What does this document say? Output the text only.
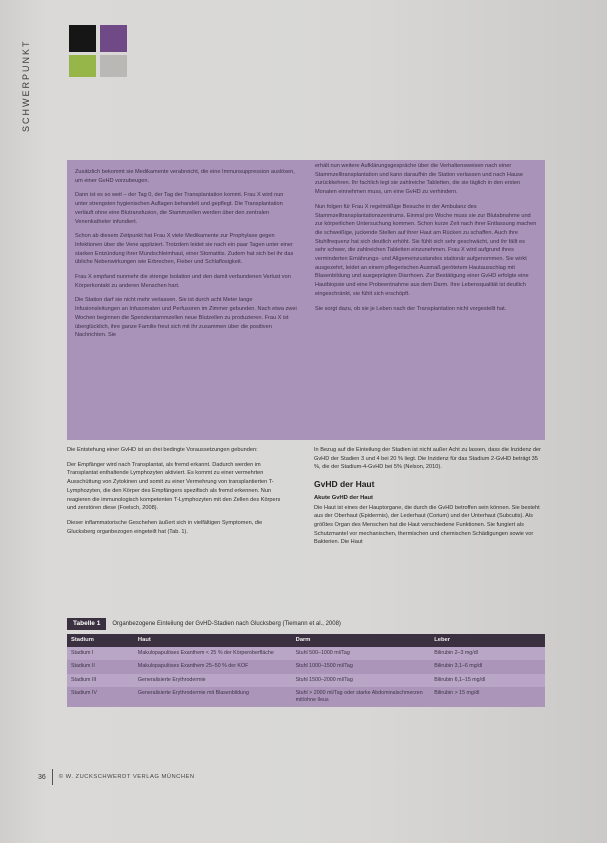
SCHWERPUNKT

Zusätzlich bekommt sie Medikamente verabreicht, die eine Immunsuppression auslösen, um einer GvHD vorzubeugen.

Dann ist es so weit – der Tag 0, der Tag der Transplantation kommt. Frau X wird nun unter strengsten hygienischen Auflagen behandelt und gepflegt. Die Transplantation verläuft ohne eine Blutransfusion, die Stammzellen werden über den zentralen Venenkatheter infundiert.

Schon ab diesem Zeitpunkt hat Frau X viele Medikamente zur Prophylaxe gegen Infektionen über die Vene appliziert. Trotzdem leidet sie nach ein paar Tagen unter einer starken Entzündung ihrer Mundschleimhaut, einer Stomatitis. Zudem hat sich bei ihr das übliche Nebenwirkungen wie Erbrechen, Fieber und Schlaflosigkeit.

Frau X empfand nunmehr die strenge Isolation und den damit verbundenen Verlust von Körperkontakt zu anderen Menschen hart.

Die Station darf sie nicht mehr verlassen. Sie ist durch acht Meter lange Infusionsleitungen an Infusomaten und Perfusoren im Zimmer gebunden. Nach etwa zwei Wochen beginnen die Spenderstammzellen neue Blutzellen zu produzieren. Frau X ist überglücklich, ihre ganze Familie freut sich mit ihr zusammen über die positiven Nachrichten. Sie

erhält nun weitere Aufklärungsgespräche über die Verhaltensweisen nach einer Stammzelltransplantation und kann daraufhin die Station verlassen und nach Hause zurückkehren. Ihr fachlich legt sie zahlreiche Tabletten, die sie täglich in den ersten Monaten einnehmen muss, um eine GvHD zu verhindern.

Nun folgen für Frau X regelmäßige Besuche in der Ambulanz des Stammzelltransplantationszentrums. Einmal pro Woche muss sie zur Blutabnahme und zur körperlichen Untersuchung kommen. Schon kurze Zeit nach ihrer Entlassung machen die schweißige, juckende Stellen auf ihrer Haut am Rücken zu schaffen. Auch ihre Stuhlfrequenz hat sich deutlich erhöht. Sie fühlt sich sehr geschwächt, und ihr fällt es sehr schwer, die zahlreichen Tabletten einzunehmen. Frau X wird aufgrund ihres verminderten Ernährungs- und Allgemeinzustandes stationär aufgenommen. Sie wirkt ausgezehrt, leidet an einem pflegerischen Ausmaß gerötetem Hautausschlag mit Blasenbildung und ausgeprägten Diarrhoen. Zur Bestätigung einer GvHD erfolgte eine Hautbiopsie und eine Probeentnahme aus dem Darm. Ihre Lebensqualität ist deutlich eingeschränkt, sie fühlt sich erschöpft.

Sie sorgt dazu, ob sie je Leben nach der Transplantation nicht vorgestellt hat.

Die Entstehung einer GvHD ist an drei bedingte Voraussetzungen gebunden:

Der Empfänger wird nach Transplantat, als fremd erkannt. Dadurch werden im Transplantat enthaltende Lymphozyten aktiviert. Es kommt zu einer vermehrten Ausschüttung von Zytokinen und somit zu einer Vermehrung von transplantierten T-Lymphozyten, die den Körper des Empfängers spezifisch als fremd erkennen. Nun reagieren die immunologisch kompetenten T-Lymphozyten mit den Zellen des Körpers und zerstören diese (Foelsch, 2008).

Dieser inflammatorische Geschehen äußert sich in vielfältigen Symptomen, die Glucksberg organbezogen eingeteilt hat (Tab. 1).

In Bezug auf die Einteilung der Stadien ist nicht außer Acht zu lassen, dass die Inzidenz der GvHD der Stadien 3 und 4 bei 20 % liegt. Die Inzidenz für das Stadium 2-GvHD beträgt 35 %, die der Stadium-4-GvHD bei 5% (Nelson, 2010).

GvHD der Haut
Akute GvHD der Haut

Die Haut ist eines der Hauptorgane, die durch die GvHD betroffen sein können. Sie besteht aus der Oberhaut (Epidermis), der Lederhaut (Corium) und der Unterhaut (Subcutis). Als größtes Organ des Menschen hat die Haut verschiedene Funktionen. Sie fungiert als Schutzmantel vor mechanischen, thermischen und chemischen Schädigungen sowie vor Bakterien. Die Haut

Tabelle 1	Organbezogene Einteilung der GvHD-Stadien nach Glucksberg (Tiemann et al., 2008)
Stadium	Haut	Darm	Leber
Stadium I	Makulopapulöses Exanthem < 25 % der Körperoberfläche	Stuhl 500–1000 ml/Tag	Bilirubin 2–3 mg/dl
Stadium II	Makulopapulöses Exanthem 25–50 % der KOF	Stuhl 1000–1500 ml/Tag	Bilirubin 3,1–6 mg/dl
Stadium III	Generalisierte Erythrodermie	Stuhl 1500–2000 ml/Tag	Bilirubin 6,1–15 mg/dl
Stadium IV	Generalisierte Erythrodermie mit Blasenbildung	Stuhl > 2000 ml/Tag oder starke Abdominalschmerzen mit/ohne Ileus	Bilirubin > 15 mg/dl
36 © W. ZUCKSCHWERDT VERLAG MÜNCHEN
